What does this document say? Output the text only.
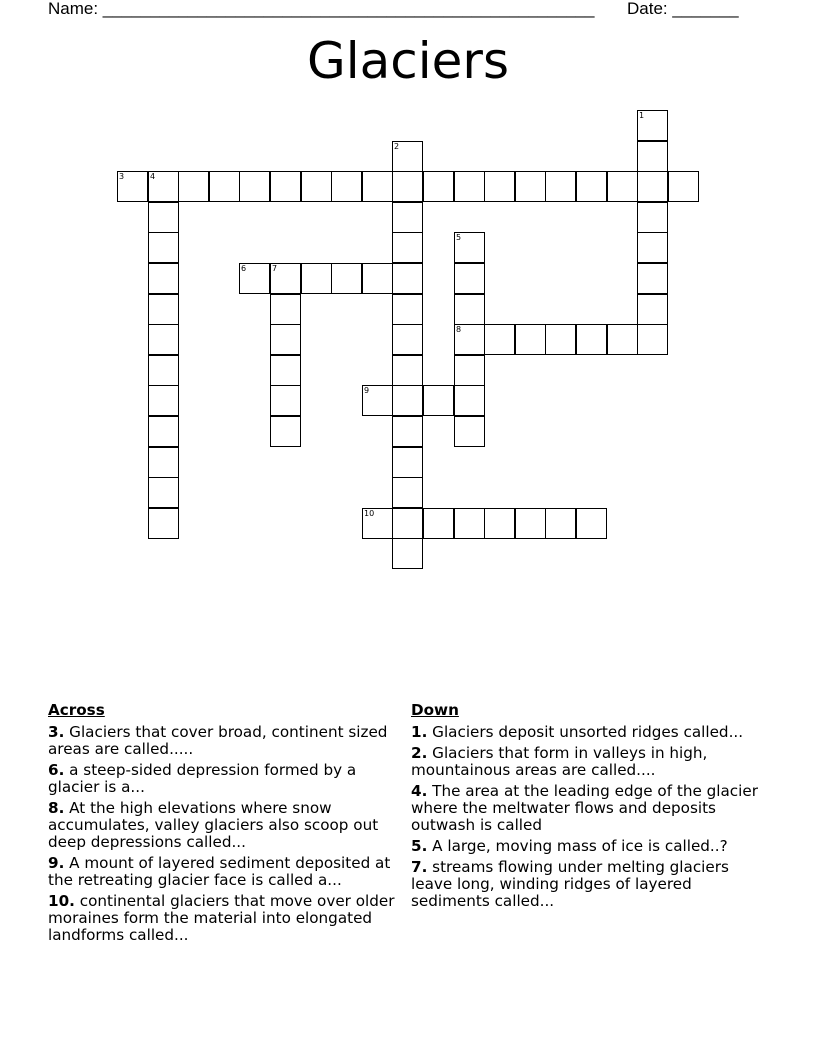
Name: ____________________________________________________ Date: _______
Glaciers
1
2
3	4
5
8
6	7
9
10
Across
3. Glaciers that cover broad, continent sized areas are called.....
6. a steep-sided depression formed by a glacier is a...
8. At the high elevations where snow accumulates, valley glaciers also scoop out deep depressions called...
9. A mount of layered sediment deposited at the retreating glacier face is called a...
10. continental glaciers that move over older moraines form the material into elongated landforms called...
Down
1. Glaciers deposit unsorted ridges called...
2. Glaciers that form in valleys in high, mountainous areas are called....
4. The area at the leading edge of the glacier where the meltwater flows and deposits outwash is called
5. A large, moving mass of ice is called..?
7. streams flowing under melting glaciers leave long, winding ridges of layered sediments called...
